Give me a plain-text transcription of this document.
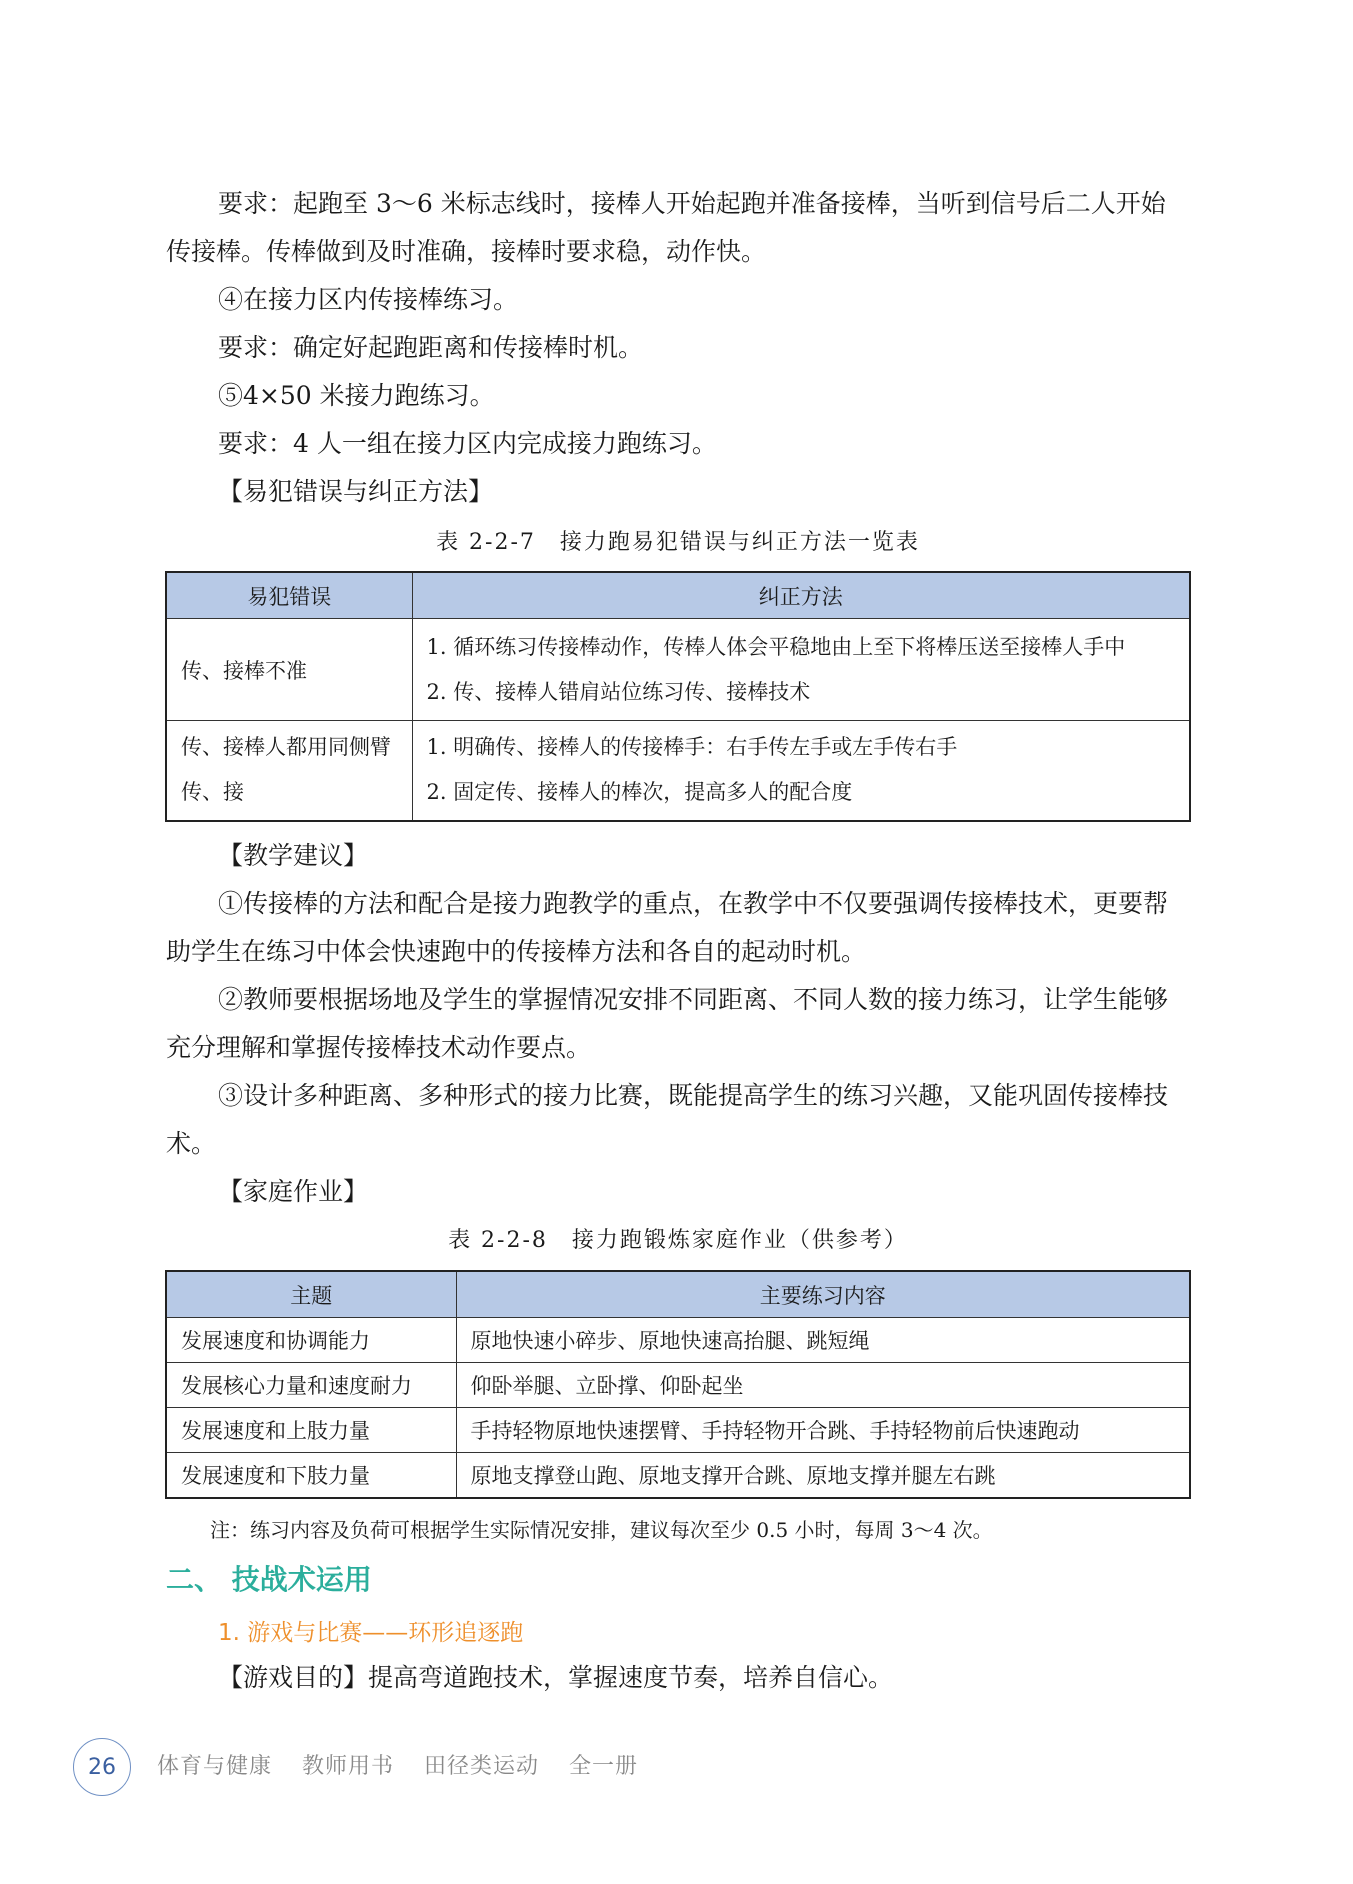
要求：起跑至 3～6 米标志线时，接棒人开始起跑并准备接棒，当听到信号后二人开始传接棒。传棒做到及时准确，接棒时要求稳，动作快。

④在接力区内传接棒练习。

要求：确定好起跑距离和传接棒时机。

⑤4×50 米接力跑练习。

要求：4 人一组在接力区内完成接力跑练习。

【易犯错误与纠正方法】

表 2-2-7　接力跑易犯错误与纠正方法一览表
易犯错误	纠正方法
传、接棒不准	1. 循环练习传接棒动作，传棒人体会平稳地由上至下将棒压送至接棒人手中
2. 传、接棒人错肩站位练习传、接棒技术

传、接棒人都用同侧臂传、接	1. 明确传、接棒人的传接棒手：右手传左手或左手传右手
2. 固定传、接棒人的棒次，提高多人的配合度

【教学建议】

①传接棒的方法和配合是接力跑教学的重点，在教学中不仅要强调传接棒技术，更要帮助学生在练习中体会快速跑中的传接棒方法和各自的起动时机。

②教师要根据场地及学生的掌握情况安排不同距离、不同人数的接力练习，让学生能够充分理解和掌握传接棒技术动作要点。

③设计多种距离、多种形式的接力比赛，既能提高学生的练习兴趣，又能巩固传接棒技术。

【家庭作业】

表 2-2-8　接力跑锻炼家庭作业（供参考）
主题	主要练习内容
发展速度和协调能力	原地快速小碎步、原地快速高抬腿、跳短绳
发展核心力量和速度耐力	仰卧举腿、立卧撑、仰卧起坐
发展速度和上肢力量	手持轻物原地快速摆臂、手持轻物开合跳、手持轻物前后快速跑动
发展速度和下肢力量	原地支撑登山跑、原地支撑开合跳、原地支撑并腿左右跳
注：练习内容及负荷可根据学生实际情况安排，建议每次至少 0.5 小时，每周 3～4 次。
二、 技战术运用
1. 游戏与比赛——环形追逐跑

【游戏目的】提高弯道跑技术，掌握速度节奏，培养自信心。

26	体育与健康 教师用书 田径类运动 全一册
